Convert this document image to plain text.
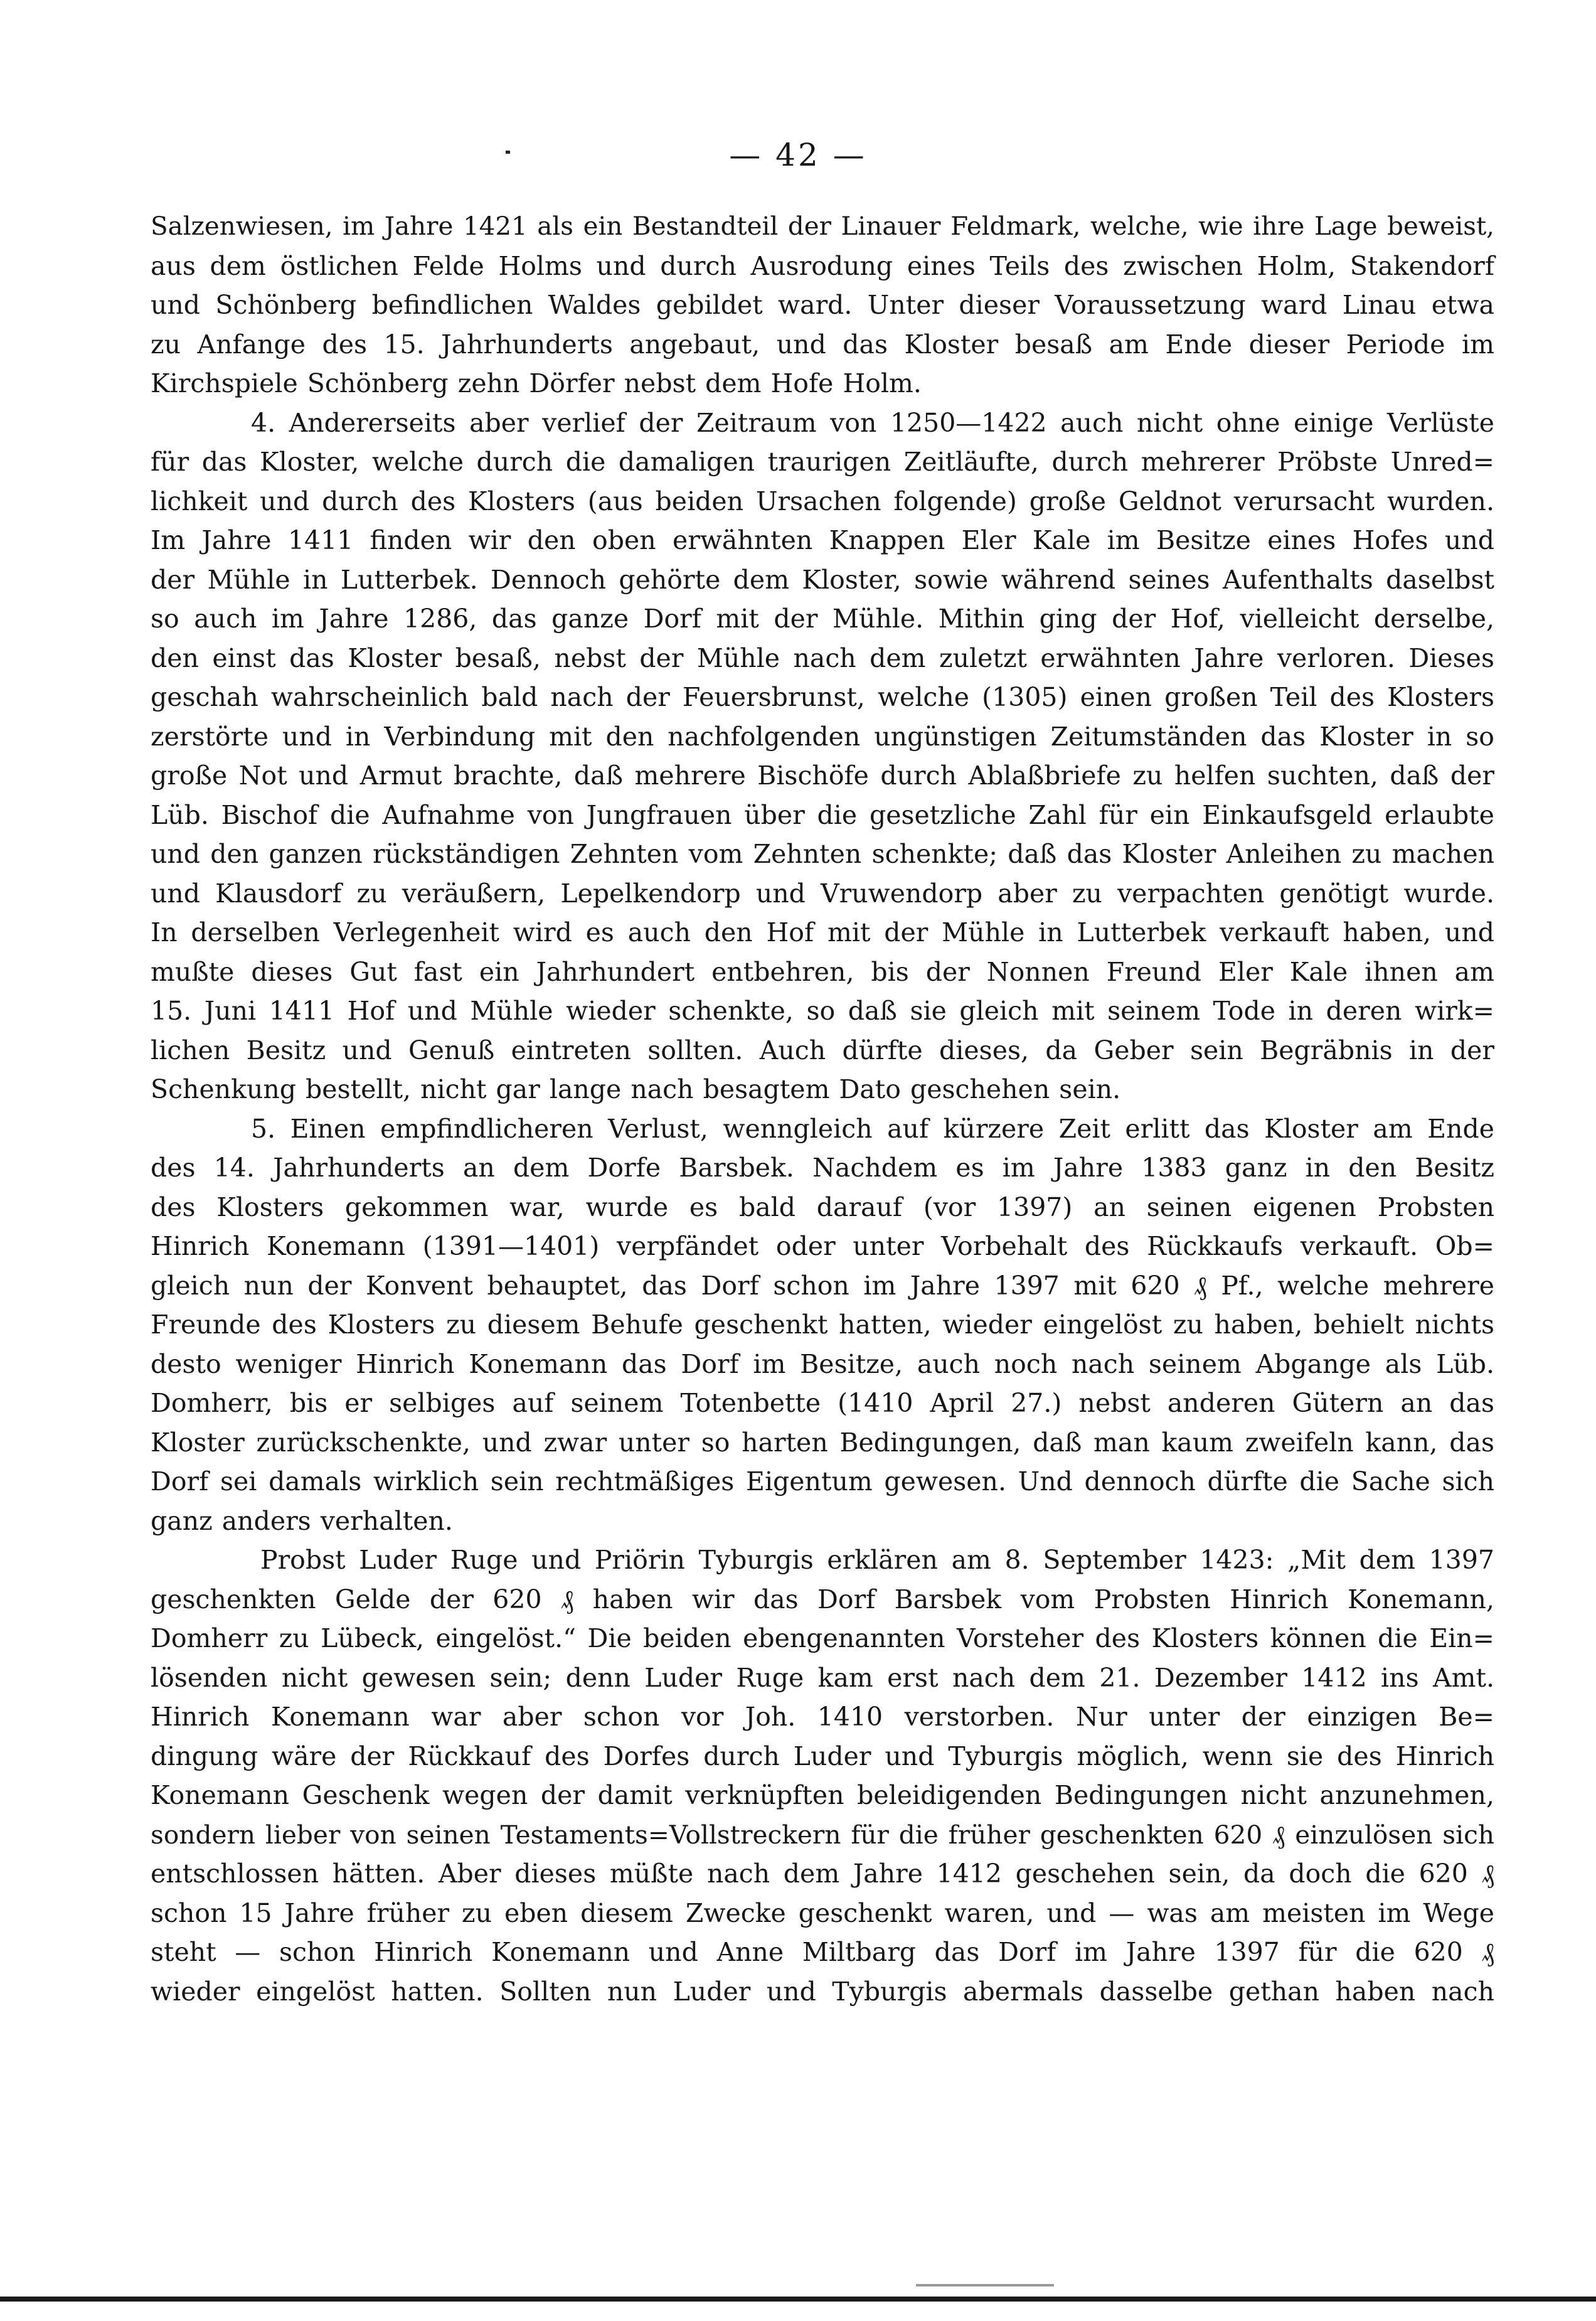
— 42 —
Salzenwiesen, im Jahre 1421 als ein Bestandteil der Linauer Feldmark, welche, wie ihre Lage beweist,
aus dem östlichen Felde Holms und durch Ausrodung eines Teils des zwischen Holm, Stakendorf
und Schönberg befindlichen Waldes gebildet ward. Unter dieser Voraussetzung ward Linau etwa
zu Anfange des 15. Jahrhunderts angebaut, und das Kloster besaß am Ende dieser Periode im
Kirchspiele Schönberg zehn Dörfer nebst dem Hofe Holm.
4. Andererseits aber verlief der Zeitraum von 1250—1422 auch nicht ohne einige Verlüste
für das Kloster, welche durch die damaligen traurigen Zeitläufte, durch mehrerer Pröbste Unred=
lichkeit und durch des Klosters (aus beiden Ursachen folgende) große Geldnot verursacht wurden.
Im Jahre 1411 finden wir den oben erwähnten Knappen Eler Kale im Besitze eines Hofes und
der Mühle in Lutterbek. Dennoch gehörte dem Kloster, sowie während seines Aufenthalts daselbst
so auch im Jahre 1286, das ganze Dorf mit der Mühle. Mithin ging der Hof, vielleicht derselbe,
den einst das Kloster besaß, nebst der Mühle nach dem zuletzt erwähnten Jahre verloren. Dieses
geschah wahrscheinlich bald nach der Feuersbrunst, welche (1305) einen großen Teil des Klosters
zerstörte und in Verbindung mit den nachfolgenden ungünstigen Zeitumständen das Kloster in so
große Not und Armut brachte, daß mehrere Bischöfe durch Ablaßbriefe zu helfen suchten, daß der
Lüb. Bischof die Aufnahme von Jungfrauen über die gesetzliche Zahl für ein Einkaufsgeld erlaubte
und den ganzen rückständigen Zehnten vom Zehnten schenkte; daß das Kloster Anleihen zu machen
und Klausdorf zu veräußern, Lepelkendorp und Vruwendorp aber zu verpachten genötigt wurde.
In derselben Verlegenheit wird es auch den Hof mit der Mühle in Lutterbek verkauft haben, und
mußte dieses Gut fast ein Jahrhundert entbehren, bis der Nonnen Freund Eler Kale ihnen am
15. Juni 1411 Hof und Mühle wieder schenkte, so daß sie gleich mit seinem Tode in deren wirk=
lichen Besitz und Genuß eintreten sollten. Auch dürfte dieses, da Geber sein Begräbnis in der
Schenkung bestellt, nicht gar lange nach besagtem Dato geschehen sein.
5. Einen empfindlicheren Verlust, wenngleich auf kürzere Zeit erlitt das Kloster am Ende
des 14. Jahrhunderts an dem Dorfe Barsbek. Nachdem es im Jahre 1383 ganz in den Besitz
des Klosters gekommen war, wurde es bald darauf (vor 1397) an seinen eigenen Probsten
Hinrich Konemann (1391—1401) verpfändet oder unter Vorbehalt des Rückkaufs verkauft. Ob=
gleich nun der Konvent behauptet, das Dorf schon im Jahre 1397 mit 620 ₰ Pf., welche mehrere
Freunde des Klosters zu diesem Behufe geschenkt hatten, wieder eingelöst zu haben, behielt nichts
desto weniger Hinrich Konemann das Dorf im Besitze, auch noch nach seinem Abgange als Lüb.
Domherr, bis er selbiges auf seinem Totenbette (1410 April 27.) nebst anderen Gütern an das
Kloster zurückschenkte, und zwar unter so harten Bedingungen, daß man kaum zweifeln kann, das
Dorf sei damals wirklich sein rechtmäßiges Eigentum gewesen. Und dennoch dürfte die Sache sich
ganz anders verhalten.
Probst Luder Ruge und Priörin Tyburgis erklären am 8. September 1423: „Mit dem 1397
geschenkten Gelde der 620 ₰ haben wir das Dorf Barsbek vom Probsten Hinrich Konemann,
Domherr zu Lübeck, eingelöst.“ Die beiden ebengenannten Vorsteher des Klosters können die Ein=
lösenden nicht gewesen sein; denn Luder Ruge kam erst nach dem 21. Dezember 1412 ins Amt.
Hinrich Konemann war aber schon vor Joh. 1410 verstorben. Nur unter der einzigen Be=
dingung wäre der Rückkauf des Dorfes durch Luder und Tyburgis möglich, wenn sie des Hinrich
Konemann Geschenk wegen der damit verknüpften beleidigenden Bedingungen nicht anzunehmen,
sondern lieber von seinen Testaments=Vollstreckern für die früher geschenkten 620 ₰ einzulösen sich
entschlossen hätten. Aber dieses müßte nach dem Jahre 1412 geschehen sein, da doch die 620 ₰
schon 15 Jahre früher zu eben diesem Zwecke geschenkt waren, und — was am meisten im Wege
steht — schon Hinrich Konemann und Anne Miltbarg das Dorf im Jahre 1397 für die 620 ₰
wieder eingelöst hatten. Sollten nun Luder und Tyburgis abermals dasselbe gethan haben nach
